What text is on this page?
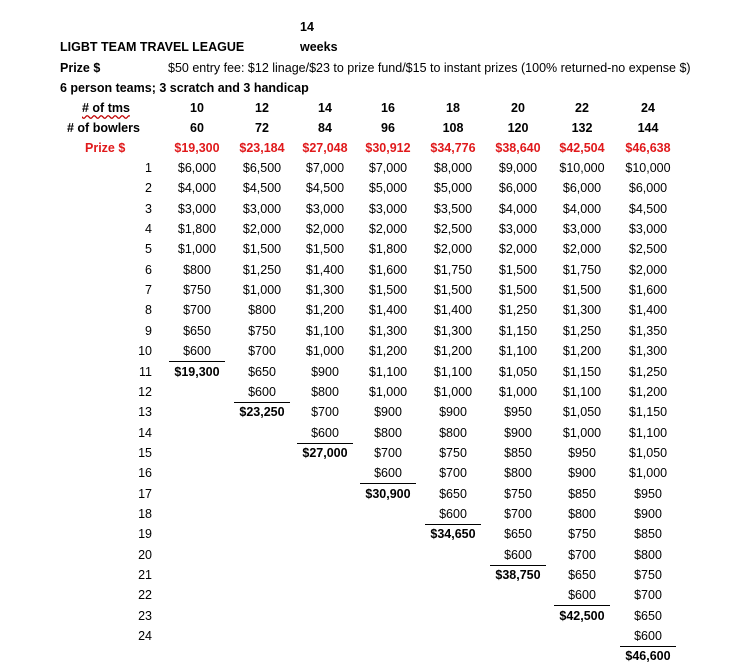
14
weeks
LIGBT TEAM TRAVEL LEAGUE
Prize $	$50 entry fee: $12 linage/$23 to prize fund/$15 to instant prizes (100% returned-no expense $)
6 person teams; 3 scratch and 3 handicap
# of tms
# of bowlers
Prize $
1
2
3
4
5
6
7
8
9
10
11
12
13
14
15
16
17
18
19
20
21
22
23
24
10
60
$19,300
$6,000
$4,000
$3,000
$1,800
$1,000
$800
$750
$700
$650
$600
$19,300
12
72
$23,184
$6,500
$4,500
$3,000
$2,000
$1,500
$1,250
$1,000
$800
$750
$700
$650
$600
$23,250
14
84
$27,048
$7,000
$4,500
$3,000
$2,000
$1,500
$1,400
$1,300
$1,200
$1,100
$1,000
$900
$800
$700
$600
$27,000
16
96
$30,912
$7,000
$5,000
$3,000
$2,000
$1,800
$1,600
$1,500
$1,400
$1,300
$1,200
$1,100
$1,000
$900
$800
$700
$600
$30,900
18
108
$34,776
$8,000
$5,000
$3,500
$2,500
$2,000
$1,750
$1,500
$1,400
$1,300
$1,200
$1,100
$1,000
$900
$800
$750
$700
$650
$600
$34,650
20
120
$38,640
$9,000
$6,000
$4,000
$3,000
$2,000
$1,500
$1,500
$1,250
$1,150
$1,100
$1,050
$1,000
$950
$900
$850
$800
$750
$700
$650
$600
$38,750
22
132
$42,504
$10,000
$6,000
$4,000
$3,000
$2,000
$1,750
$1,500
$1,300
$1,250
$1,200
$1,150
$1,100
$1,050
$1,000
$950
$900
$850
$800
$750
$700
$650
$600
$42,500
24
144
$46,638
$10,000
$6,000
$4,500
$3,000
$2,500
$2,000
$1,600
$1,400
$1,350
$1,300
$1,250
$1,200
$1,150
$1,100
$1,050
$1,000
$950
$900
$850
$800
$750
$700
$650
$600
$46,600
